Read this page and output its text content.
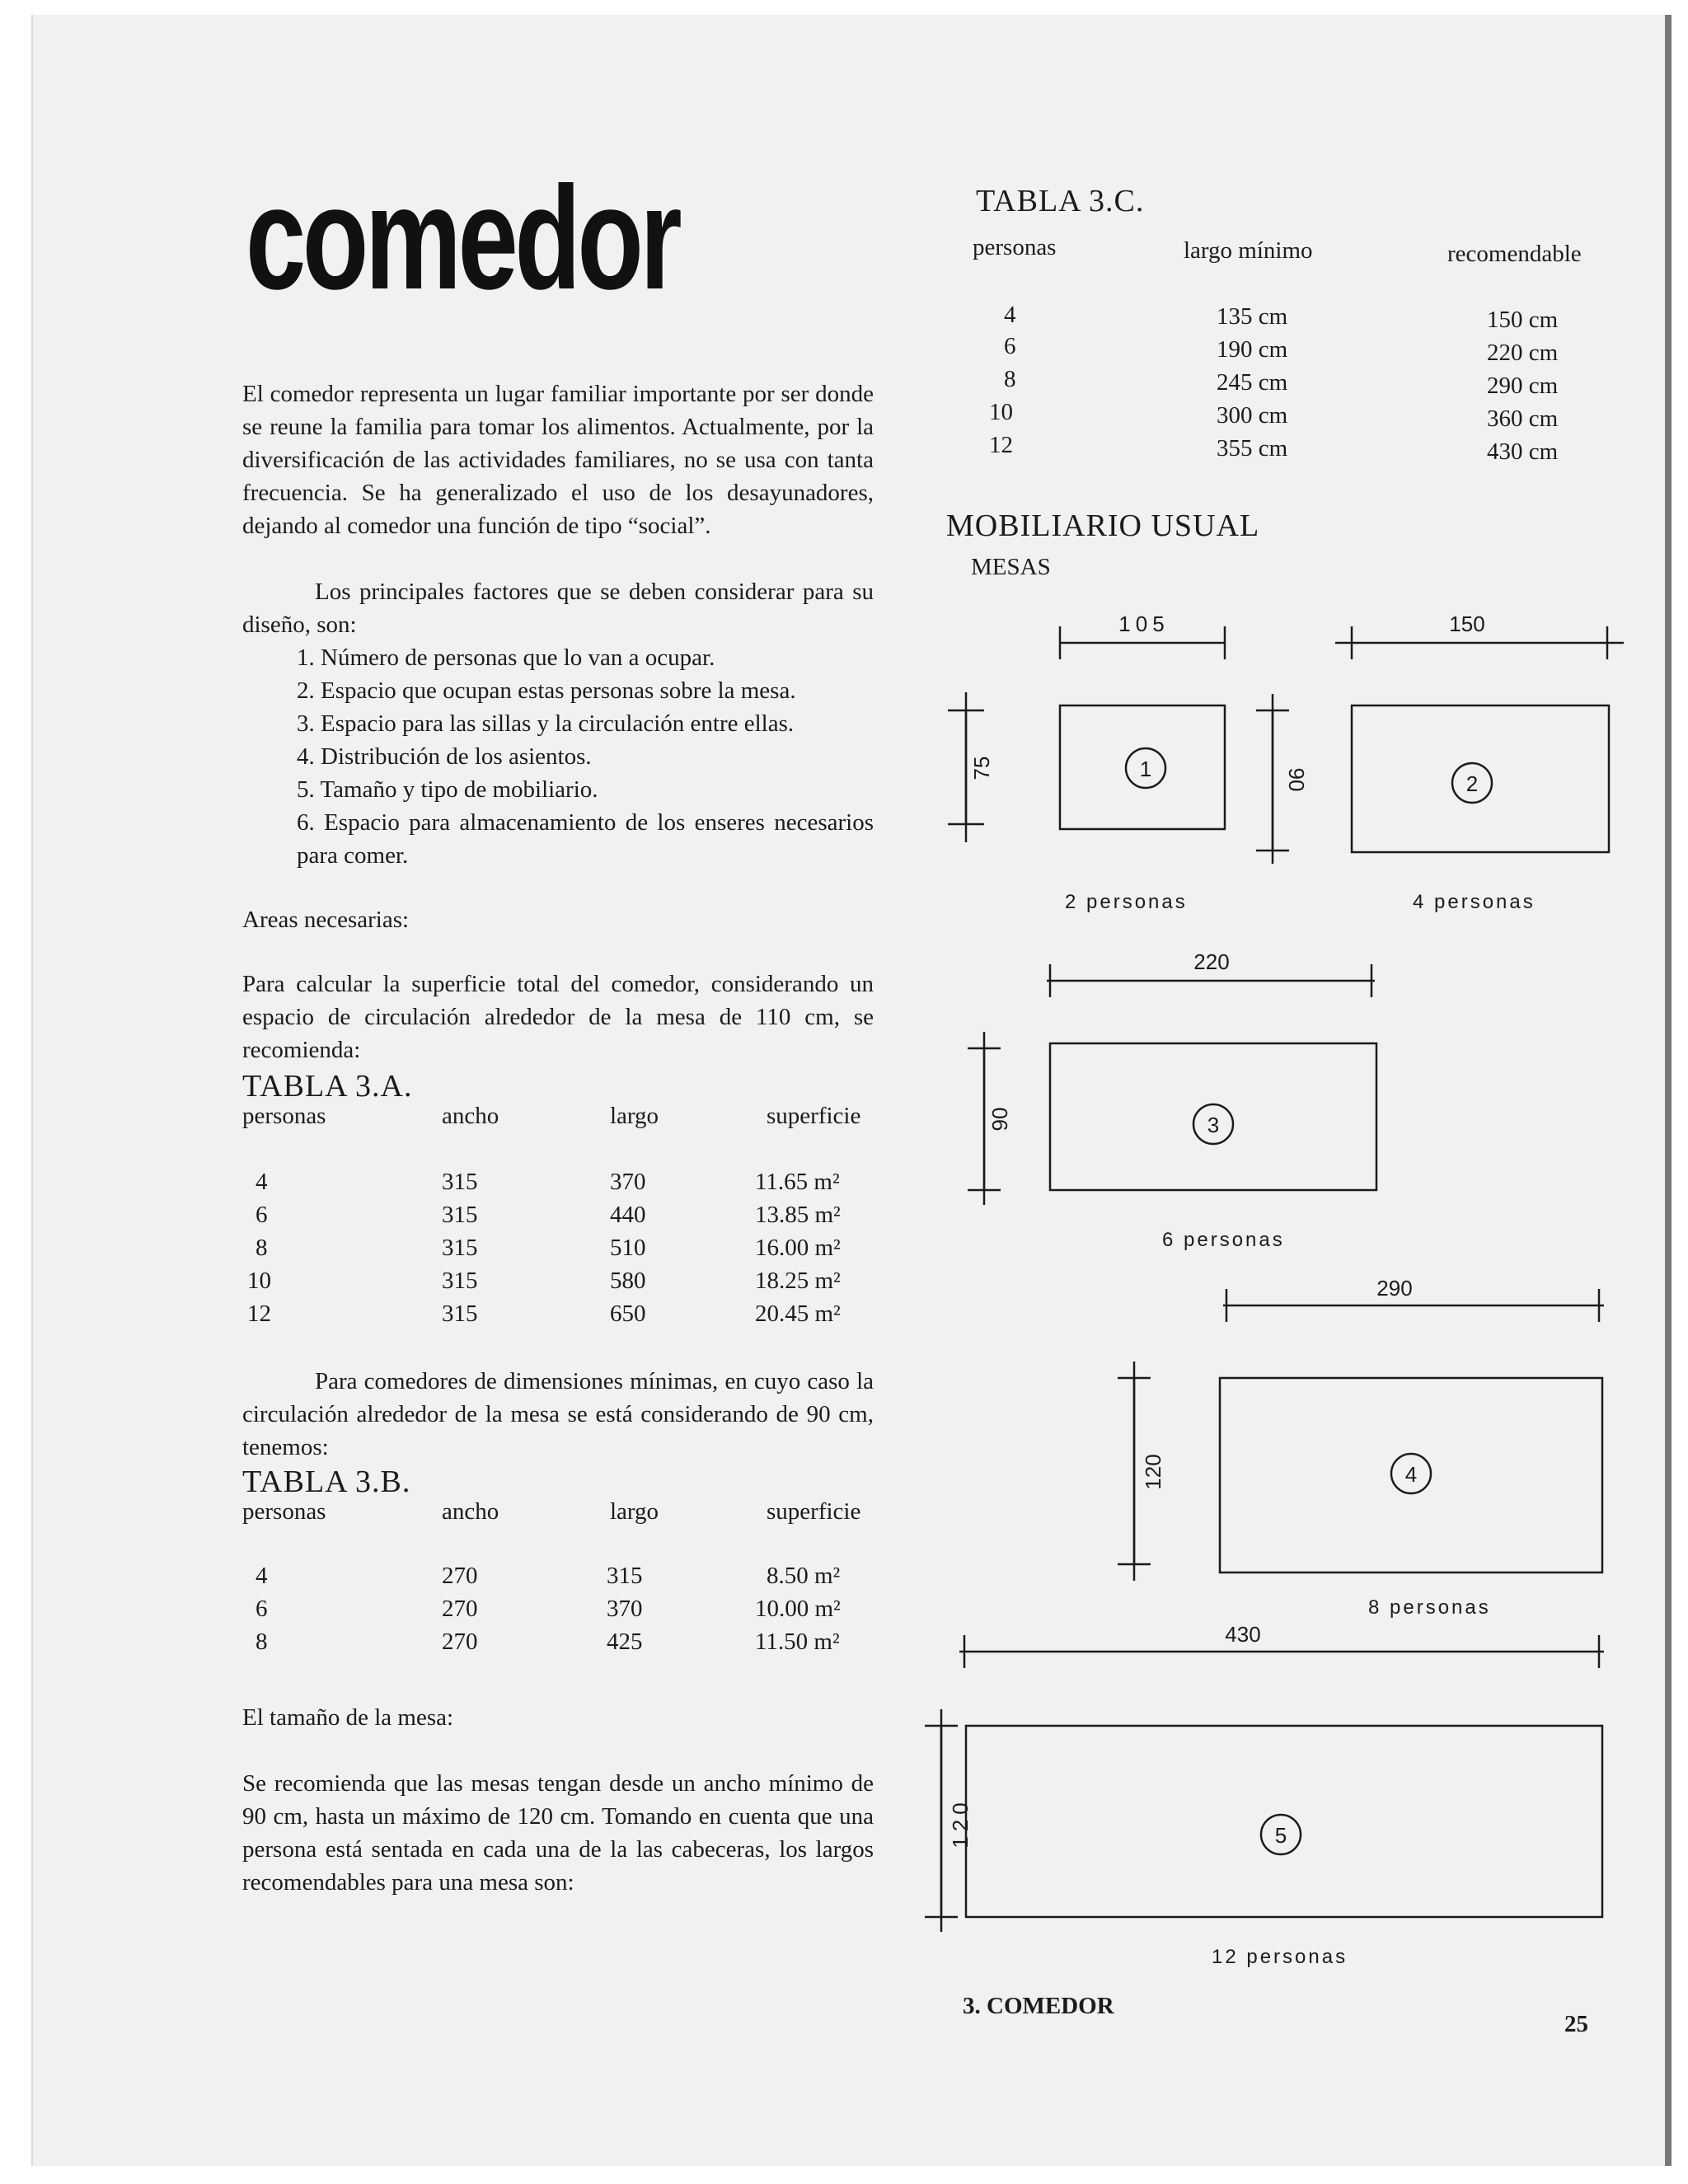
comedor
El comedor representa un lugar familiar importante por ser donde se reune la familia para tomar los alimentos. Actualmente, por la diversificación de las actividades familiares, no se usa con tanta frecuencia. Se ha generalizado el uso de los desayunadores, dejando al comedor una función de tipo “social”.
Los principales factores que se deben considerar para su diseño, son:
1. Número de personas que lo van a ocupar.
2. Espacio que ocupan estas personas sobre la mesa.
3. Espacio para las sillas y la circulación entre ellas.
4. Distribución de los asientos.
5. Tamaño y tipo de mobiliario.
6. Espacio para almacenamiento de los enseres necesarios para comer.
Areas necesarias:
Para calcular la superficie total del comedor, considerando un espacio de circulación alrededor de la mesa de 110 cm, se recomienda:
TABLA 3.A.
personas	ancho	largo	superficie
4	315	370	11.65 m²
6	315	440	13.85 m²
8	315	510	16.00 m²
10	315	580	18.25 m²
12	315	650	20.45 m²
Para comedores de dimensiones mínimas, en cuyo caso la circulación alrededor de la mesa se está considerando de 90 cm, tenemos:
TABLA 3.B.
personas	ancho	largo	superficie
4	270	315	8.50 m²
6	270	370	10.00 m²
8	270	425	11.50 m²
El tamaño de la mesa:
Se recomienda que las mesas tengan desde un ancho mínimo de 90 cm, hasta un máximo de 120 cm. Tomando en cuenta que una persona está sentada en cada una de la las cabeceras, los largos recomendables para una mesa son:
TABLA 3.C.
personas	largo mínimo	recomendable
4	135 cm	150 cm
6	190 cm	220 cm
8	245 cm	290 cm
10	300 cm	360 cm
12	355 cm	430 cm
MOBILIARIO USUAL
MESAS
1
2
3
4
5
105	150
220
290
430
75	90
90
120
120
2 personas	4 personas
6 personas
8 personas
12 personas
3. COMEDOR
25
